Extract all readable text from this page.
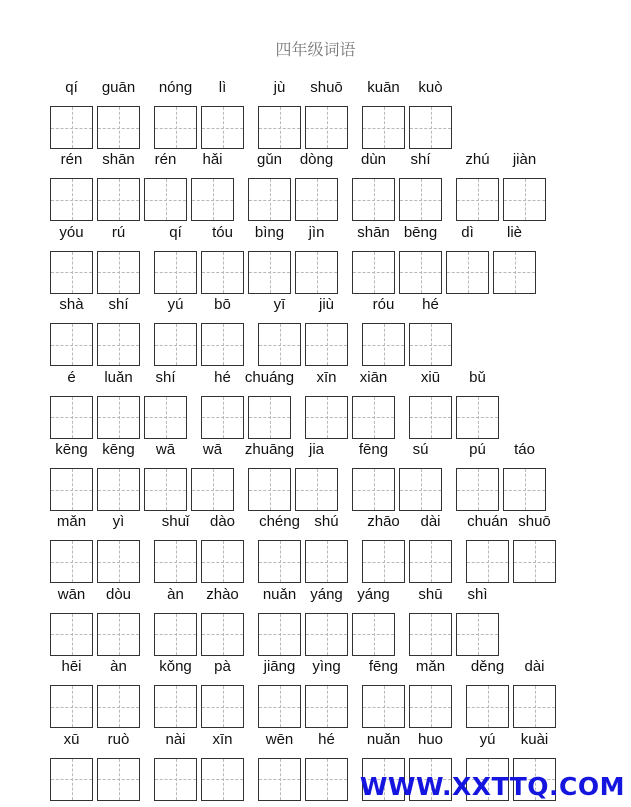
四年级词语
qí	guān	nóng	lì	jù	shuō	kuān	kuò
rén	shān	rén	hǎi	gǔn	dòng	dùn	shí	zhú	jiàn
yóu	rú	qí	tóu	bìng	jìn	shān bēng	dì	liè
shà	shí	yú	bō	yī	jiù	róu	hé
é	luǎn	shí	hé chuáng	xīn	xiān	xiū	bǔ
kēng kēng	wā	wā	zhuāng jia	fēng	sú	pú	táo
mǎn	yì	shuǐ	dào	chéng shú	zhāo	dài	chuán shuō
wān	dòu	àn	zhào	nuǎn yáng yáng	shū	shì
hēi	àn	kǒng	pà	jiāng	yìng	fēng	mǎn	děng	dài
xū	ruò	nài	xīn	wēn	hé	nuǎn	huo	yú	kuài
WWW.XXTTQ.COM
